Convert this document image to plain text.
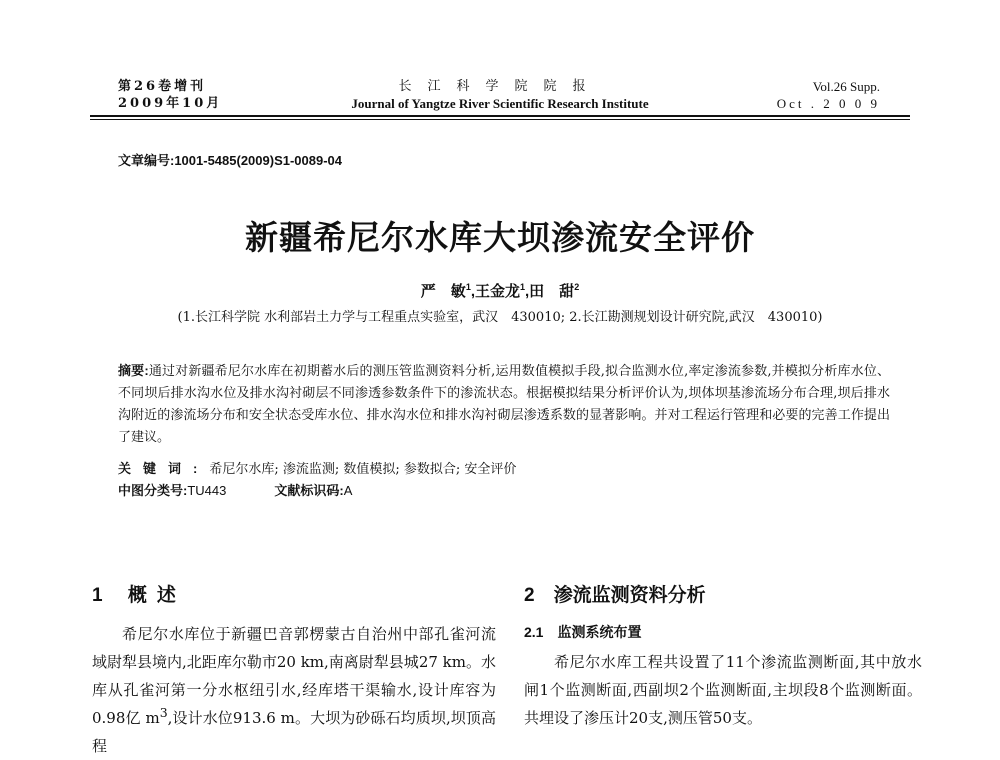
第26卷增刊
2009年10月
长江科学院院报
Journal of Yangtze River Scientific Research Institute
Vol.26 Supp.
Oct . 2 0 0 9
文章编号:1001-5485(2009)S1-0089-04
新疆希尼尔水库大坝渗流安全评价
严　敏$^1$,王金龙$^1$,田　甜$^2$
(1.长江科学院 水利部岩土力学与工程重点实验室，武汉　430010; 2.长江勘测规划设计研究院,武汉　430010)
摘要:通过对新疆希尼尔水库在初期蓄水后的测压管监测资料分析,运用数值模拟手段,拟合监测水位,率定渗流参数,并模拟分析库水位、不同坝后排水沟水位及排水沟衬砌层不同渗透参数条件下的渗流状态。根据模拟结果分析评价认为,坝体坝基渗流场分布合理,坝后排水沟附近的渗流场分布和安全状态受库水位、排水沟水位和排水沟衬砌层渗透系数的显著影响。并对工程运行管理和必要的完善工作提出了建议。
关键词:希尼尔水库; 渗流监测; 数值模拟; 参数拟合; 安全评价
中图分类号:TU443	文献标识码:A
1 概述
希尼尔水库位于新疆巴音郭楞蒙古自治州中部孔雀河流域尉犁县境内,北距库尔勒市20 km,南离尉犁县城27 km。水库从孔雀河第一分水枢纽引水,经库塔干渠输水,设计库容为0.98亿 $m^3$,设计水位913.6 m。大坝为砂砾石均质坝,坝顶高程
2　渗流监测资料分析
2.1　监测系统布置
希尼尔水库工程共设置了11个渗流监测断面,其中放水闸1个监测断面,西副坝2个监测断面,主坝段8个监测断面。共埋设了渗压计20支,测压管50支。
